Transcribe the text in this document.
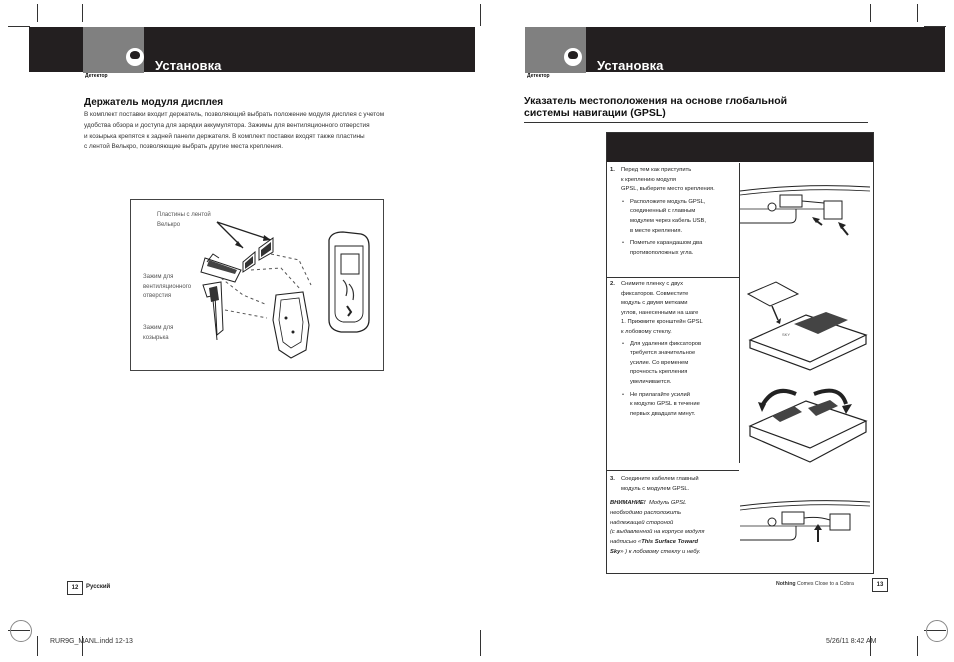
Детектор
Установка
Держатель модуля дисплея
В комплект поставки входит держатель, позволяющий выбрать положение модуля дисплея с учетом
удобства обзора и доступа для зарядки аккумулятора. Зажимы для вентиляционного отверстия
и козырька крепятся к задней панели держателя. В комплект поставки входят также пластины
с лентой Велькро, позволяющие выбрать другие места крепления.
Пластины с лентой
Велькро
Зажим для
вентиляционного
отверстия
Зажим для
козырька
12	Русский
Детектор
Установка
Указатель местоположения на основе глобальной
системы навигации (GPSL)
1. Перед тем как приступить
к креплению модуля
GPSL, выберите место крепления.
• Расположите модуль GPSL,
соединенный с главным
модулем через кабель USB,
в месте крепления.
• Пометьте карандашом два
противоположных угла.
2. Снимите пленку с двух
фиксаторов. Совместите
модуль с двумя метками
углов, нанесенными на шаге
1. Прижмите кронштейн GPSL
к лобовому стеклу.
• Для удаления фиксаторов
требуется значительное
усилие. Со временем
прочность крепления
увеличивается.
• Не прилагайте усилий
к модулю GPSL в течение
первых двадцати минут.
3. Соедините кабелем главный
модуль с модулем GPSL.
ВНИМАНИЕ! Модуль GPSL
необходимо расположить
надлежащей стороной
(с выдавленной на корпусе модуля
надписью «This Surface Toward
Sky» ) к лобовому стеклу и небу.
SKY
Nothing Comes Close to a Cobra	13
RUR9G_MANL.indd 12-13	5/26/11 8:42 AM
